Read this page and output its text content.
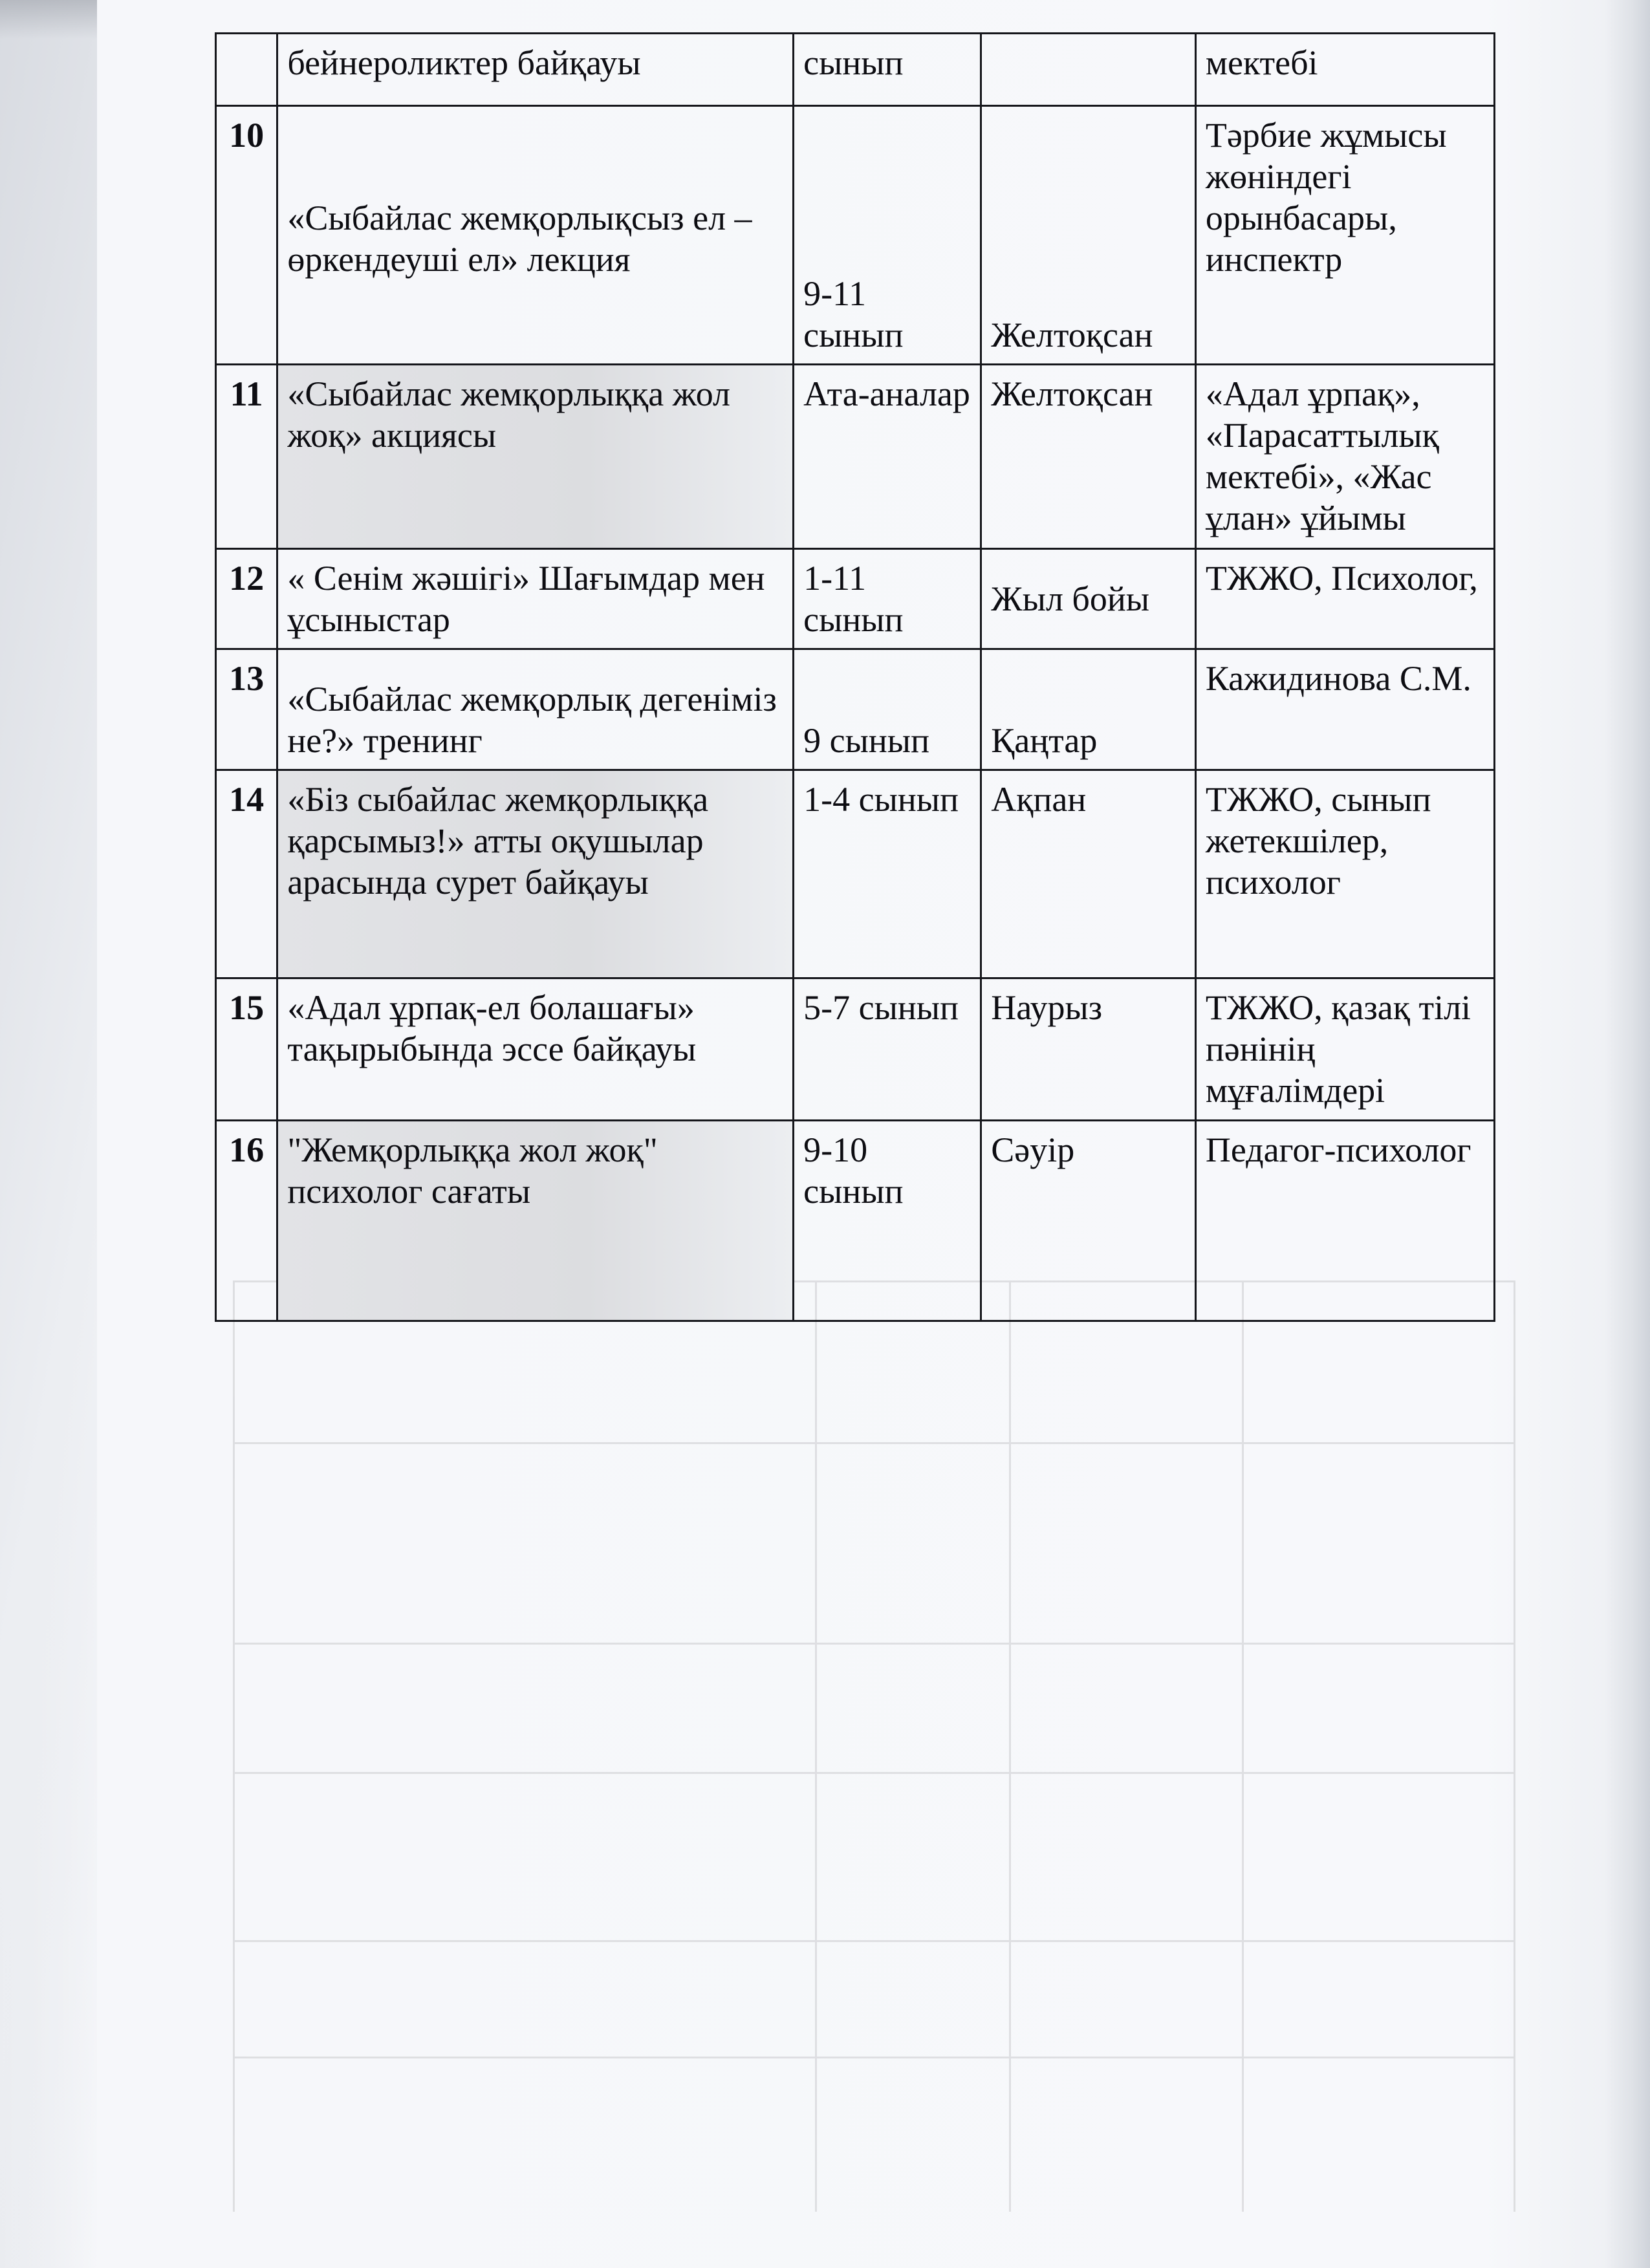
	бейнероликтер байқауы	сынып		мектебі
10	«Сыбайлас жемқорлықсыз ел – өркендеуші ел» лекция	9-11 сынып	Желтоқсан	Тәрбие жұмысы жөніндегі орынбасары, инспектр
11	«Сыбайлас жемқорлыққа жол жоқ» акциясы	Ата-аналар	Желтоқсан	«Адал ұрпақ», «Парасаттылық мектебі», «Жас ұлан» ұйымы
12	« Сенім жәшігі» Шағымдар мен ұсыныстар	1-11 сынып	Жыл бойы	ТЖЖО, Психолог,
13	«Сыбайлас жемқорлық дегеніміз не?» тренинг	9 сынып	Қаңтар	Кажидинова С.М.
14	«Біз сыбайлас жемқорлыққа қарсымыз!» атты оқушылар арасында сурет байқауы	1-4 сынып	Ақпан	ТЖЖО, сынып жетекшілер, психолог
15	«Адал ұрпақ-ел болашағы» тақырыбында эссе байқауы	5-7 сынып	Наурыз	ТЖЖО, қазақ тілі пәнінің мұғалімдері
16	"Жемқорлыққа жол жоқ" психолог сағаты	9-10 сынып	Сәуір	Педагог-психолог
